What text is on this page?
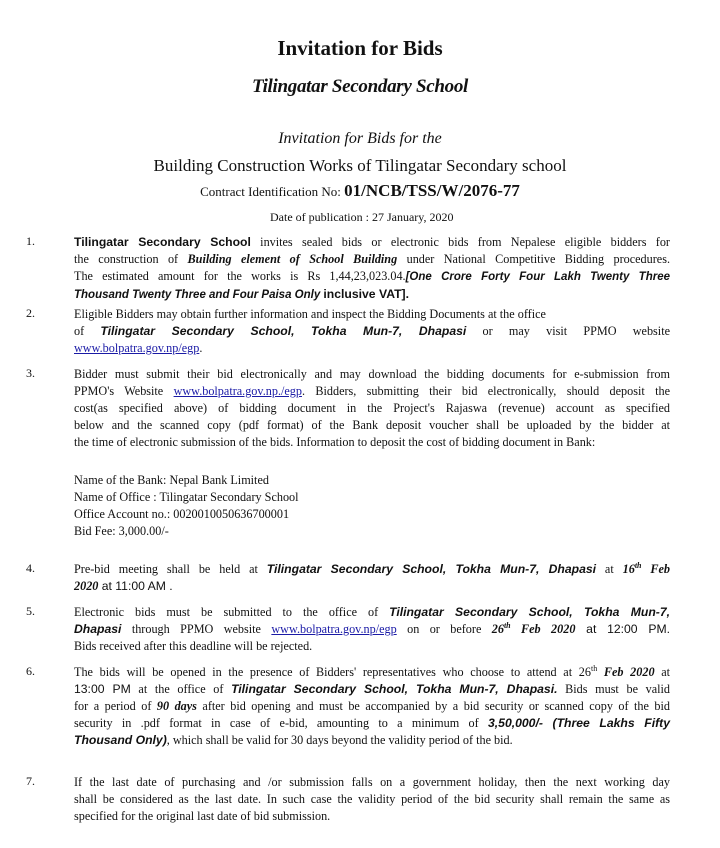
Invitation for Bids
Tilingatar Secondary School
Invitation for Bids for the
Building Construction Works of Tilingatar Secondary school
Contract Identification No: 01/NCB/TSS/W/2076-77
Date of publication : 27 January, 2020
1.	Tilingatar Secondary School invites sealed bids or electronic bids from Nepalese eligible bidders for
the construction of Building element of School Building under National Competitive Bidding procedures.
The estimated amount for the works is Rs 1,44,23,023.04.[One Crore Forty Four Lakh Twenty Three
Thousand Twenty Three and Four Paisa Only inclusive VAT].
2.	Eligible Bidders may obtain further information and inspect the Bidding Documents at the office
of Tilingatar Secondary School, Tokha Mun-7, Dhapasi or may visit PPMO website
www.bolpatra.gov.np/egp.
3.	Bidder must submit their bid electronically and may download the bidding documents for e-submission from
PPMO's Website www.bolpatra.gov.np./egp. Bidders, submitting their bid electronically, should deposit the
cost(as specified above) of bidding document in the Project's Rajaswa (revenue) account as specified
below and the scanned copy (pdf format) of the Bank deposit voucher shall be uploaded by the bidder at
the time of electronic submission of the bids. Information to deposit the cost of bidding document in Bank:
Name of the Bank: Nepal Bank Limited
Name of Office : Tilingatar Secondary School
Office Account no.: 0020010050636700001
Bid Fee: 3,000.00/-
4.	Pre-bid meeting shall be held at Tilingatar Secondary School, Tokha Mun-7, Dhapasi at 16th Feb
2020 at 11:00 AM .
5.	Electronic bids must be submitted to the office of Tilingatar Secondary School, Tokha Mun-7,
Dhapasi through PPMO website www.bolpatra.gov.np/egp on or before 26th Feb 2020 at 12:00 PM.
Bids received after this deadline will be rejected.
6.	The bids will be opened in the presence of Bidders' representatives who choose to attend at 26th Feb 2020 at
13:00 PM at the office of Tilingatar Secondary School, Tokha Mun-7, Dhapasi. Bids must be valid
for a period of 90 days after bid opening and must be accompanied by a bid security or scanned copy of the bid
security in .pdf format in case of e-bid, amounting to a minimum of 3,50,000/- (Three Lakhs Fifty
Thousand Only), which shall be valid for 30 days beyond the validity period of the bid.
7.	If the last date of purchasing and /or submission falls on a government holiday, then the next working day
shall be considered as the last date. In such case the validity period of the bid security shall remain the same as
specified for the original last date of bid submission.
